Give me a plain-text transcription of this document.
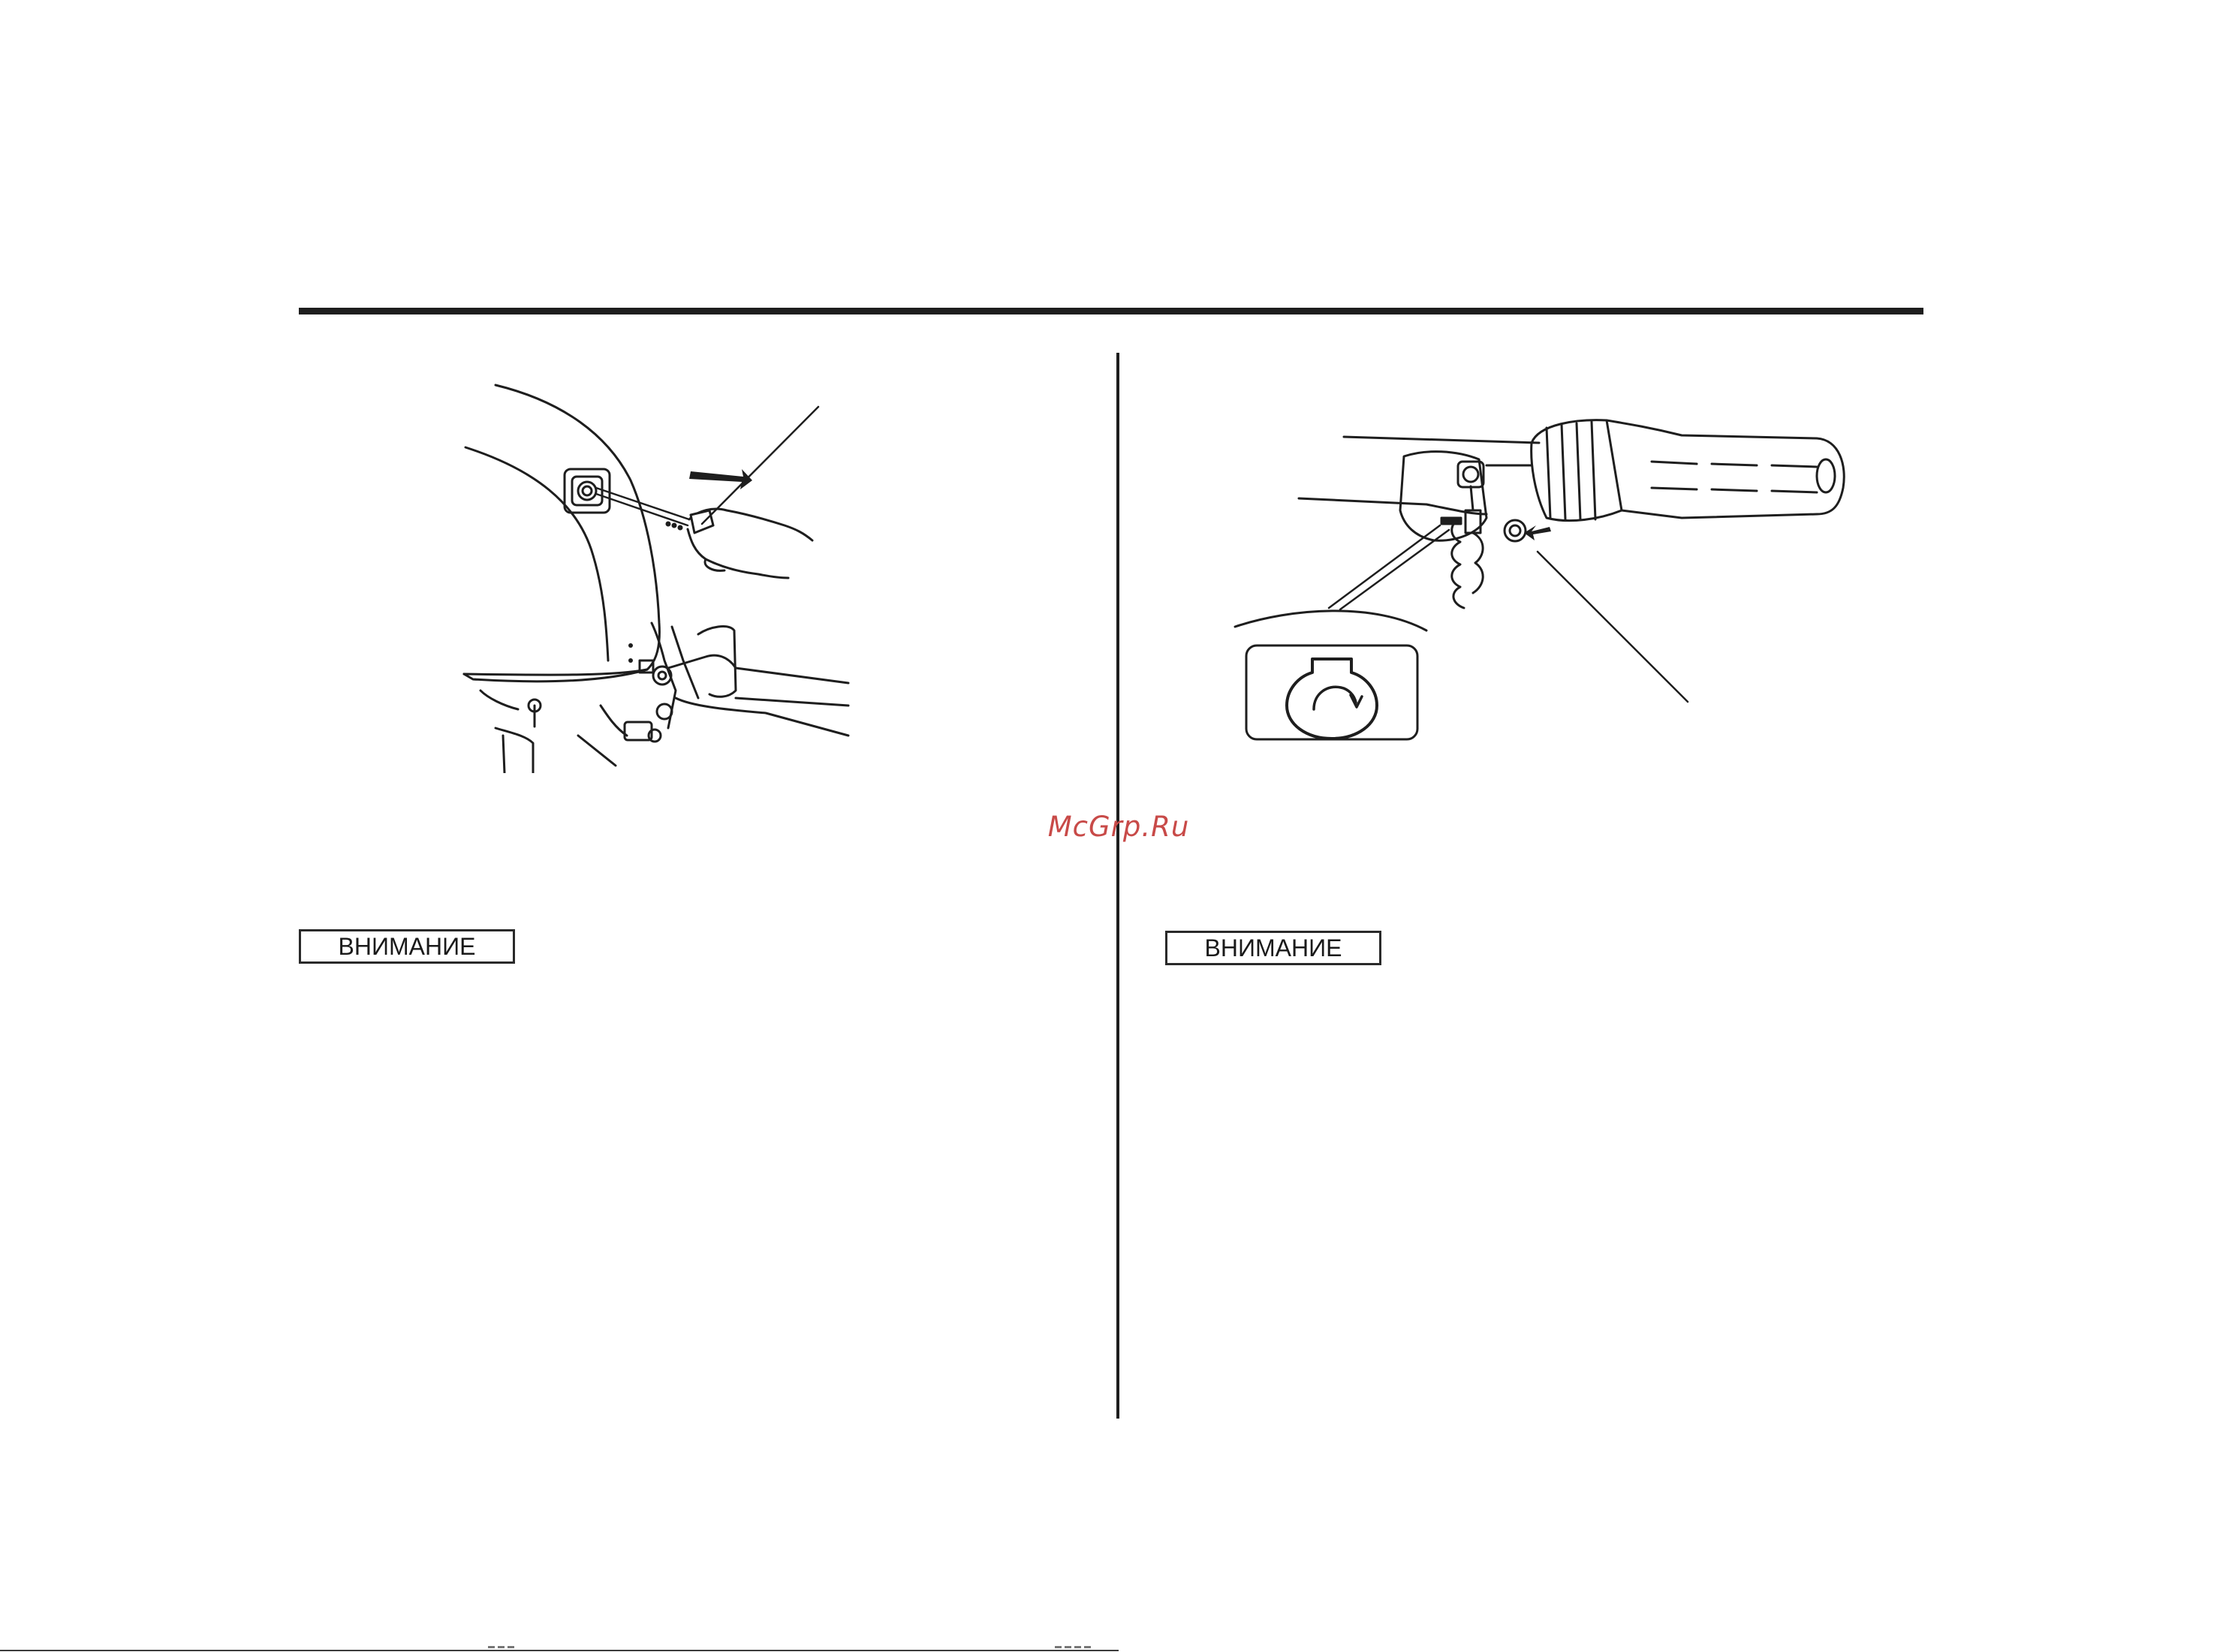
McGrp.Ru
ВНИМАНИЕ	ВНИМАНИЕ
